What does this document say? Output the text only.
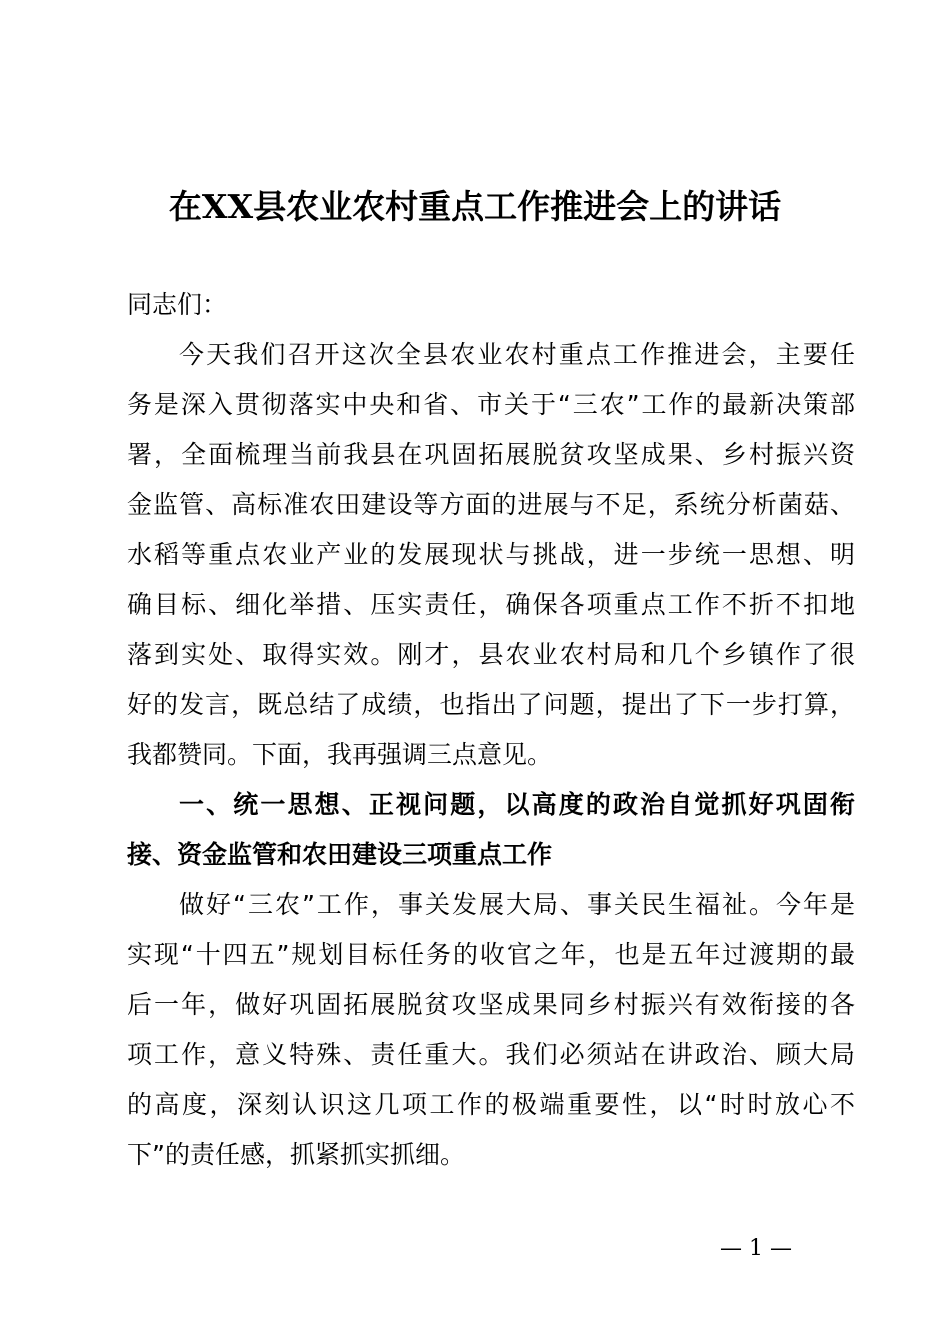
在XX县农业农村重点工作推进会上的讲话
同志们：
今天我们召开这次全县农业农村重点工作推进会，主要任
务是深入贯彻落实中央和省、市关于“三农”工作的最新决策部
署，全面梳理当前我县在巩固拓展脱贫攻坚成果、乡村振兴资
金监管、高标准农田建设等方面的进展与不足，系统分析菌菇、
水稻等重点农业产业的发展现状与挑战，进一步统一思想、明
确目标、细化举措、压实责任，确保各项重点工作不折不扣地
落到实处、取得实效。刚才，县农业农村局和几个乡镇作了很
好的发言，既总结了成绩，也指出了问题，提出了下一步打算，
我都赞同。下面，我再强调三点意见。
一、统一思想、正视问题，以高度的政治自觉抓好巩固衔
接、资金监管和农田建设三项重点工作
做好“三农”工作，事关发展大局、事关民生福祉。今年是
实现“十四五”规划目标任务的收官之年，也是五年过渡期的最
后一年，做好巩固拓展脱贫攻坚成果同乡村振兴有效衔接的各
项工作，意义特殊、责任重大。我们必须站在讲政治、顾大局
的高度，深刻认识这几项工作的极端重要性，以“时时放心不
下”的责任感，抓紧抓实抓细。
— 1 —
